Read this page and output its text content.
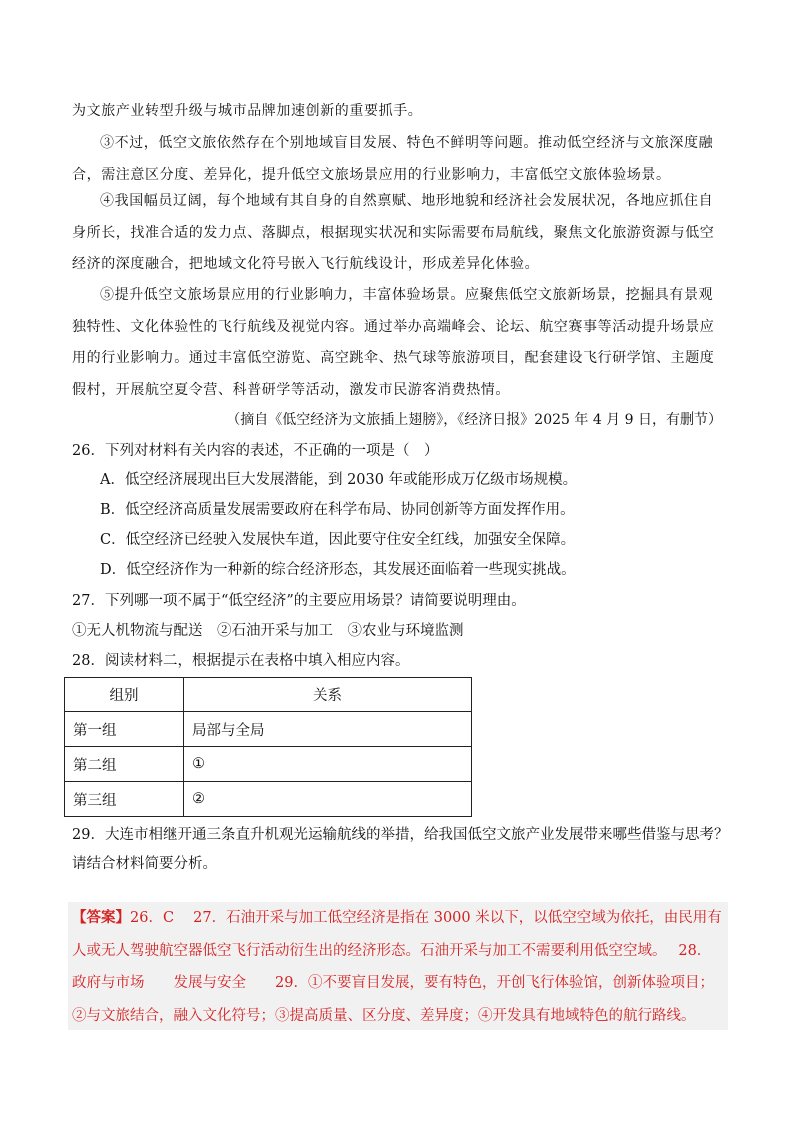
为文旅产业转型升级与城市品牌加速创新的重要抓手。

③不过，低空文旅依然存在个别地域盲目发展、特色不鲜明等问题。推动低空经济与文旅深度融合，需注意区分度、差异化，提升低空文旅场景应用的行业影响力，丰富低空文旅体验场景。

④我国幅员辽阔，每个地域有其自身的自然禀赋、地形地貌和经济社会发展状况，各地应抓住自身所长，找准合适的发力点、落脚点，根据现实状况和实际需要布局航线，聚焦文化旅游资源与低空经济的深度融合，把地域文化符号嵌入飞行航线设计，形成差异化体验。

⑤提升低空文旅场景应用的行业影响力，丰富体验场景。应聚焦低空文旅新场景，挖掘具有景观独特性、文化体验性的飞行航线及视觉内容。通过举办高端峰会、论坛、航空赛事等活动提升场景应用的行业影响力。通过丰富低空游览、高空跳伞、热气球等旅游项目，配套建设飞行研学馆、主题度假村，开展航空夏令营、科普研学等活动，激发市民游客消费热情。

（摘自《低空经济为文旅插上翅膀》，《经济日报》2025 年 4 月 9 日，有删节）

26．下列对材料有关内容的表述，不正确的一项是（　）

A．低空经济展现出巨大发展潜能，到 2030 年或能形成万亿级市场规模。

B．低空经济高质量发展需要政府在科学布局、协同创新等方面发挥作用。

C．低空经济已经驶入发展快车道，因此要守住安全红线，加强安全保障。

D．低空经济作为一种新的综合经济形态，其发展还面临着一些现实挑战。

27．下列哪一项不属于“低空经济”的主要应用场景？请简要说明理由。

①无人机物流与配送　②石油开采与加工　③农业与环境监测

28．阅读材料二，根据提示在表格中填入相应内容。

组别	关系
第一组	局部与全局
第二组	①
第三组	②

29．大连市相继开通三条直升机观光运输航线的举措，给我国低空文旅产业发展带来哪些借鉴与思考？请结合材料简要分析。

【答案】26．C　 27．石油开采与加工低空经济是指在 3000 米以下，以低空空域为依托，由民用有人或无人驾驶航空器低空飞行活动衍生出的经济形态。石油开采与加工不需要利用低空空域。　 28．政府与市场　　发展与安全　　29．①不要盲目发展，要有特色，开创飞行体验馆，创新体验项目；②与文旅结合，融入文化符号；③提高质量、区分度、差异度；④开发具有地域特色的航行路线。
